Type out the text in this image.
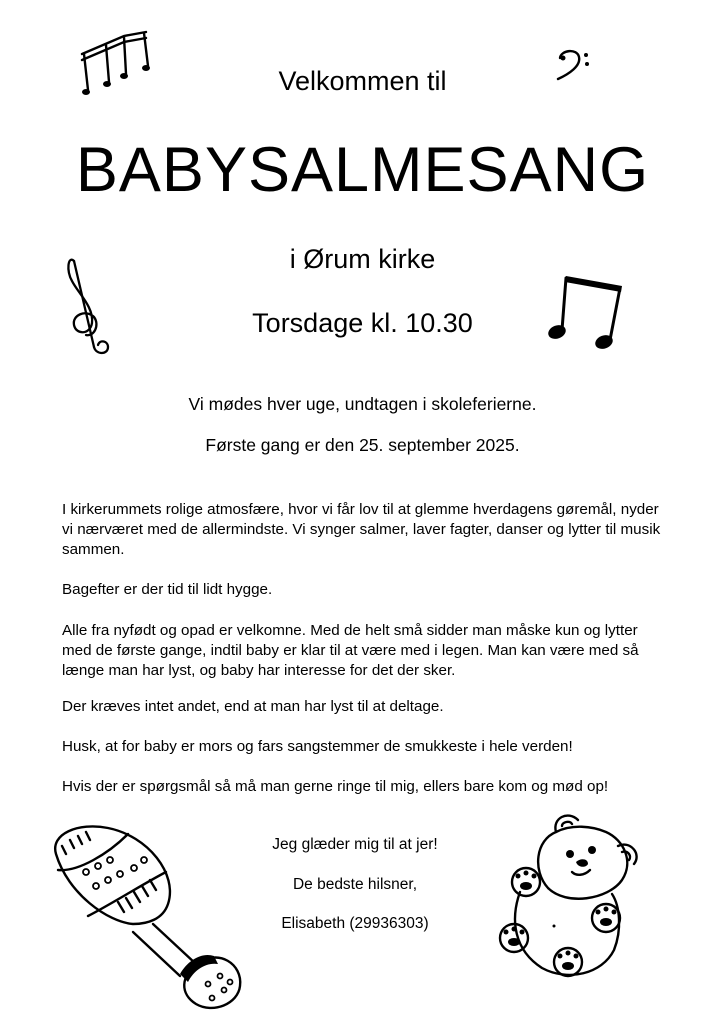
Velkommen til
BABYSALMESANG
i Ørum kirke
Torsdage kl. 10.30
Vi mødes hver uge, undtagen i skoleferierne.
Første gang er den 25. september 2025.

I kirkerummets rolige atmosfære, hvor vi får lov til at glemme hverdagens gøremål, nyder vi nærværet med de allermindste. Vi synger salmer, laver fagter, danser og lytter til musik sammen.

Bagefter er der tid til lidt hygge.

Alle fra nyfødt og opad er velkomne. Med de helt små sidder man måske kun og lytter med de første gange, indtil baby er klar til at være med i legen. Man kan være med så længe man har lyst, og baby har interesse for det der sker.

Der kræves intet andet, end at man har lyst til at deltage.

Husk, at for baby er mors og fars sangstemmer de smukkeste i hele verden!

Hvis der er spørgsmål så må man gerne ringe til mig, ellers bare kom og mød op!

Jeg glæder mig til at jer!
De bedste hilsner,
Elisabeth (29936303)
